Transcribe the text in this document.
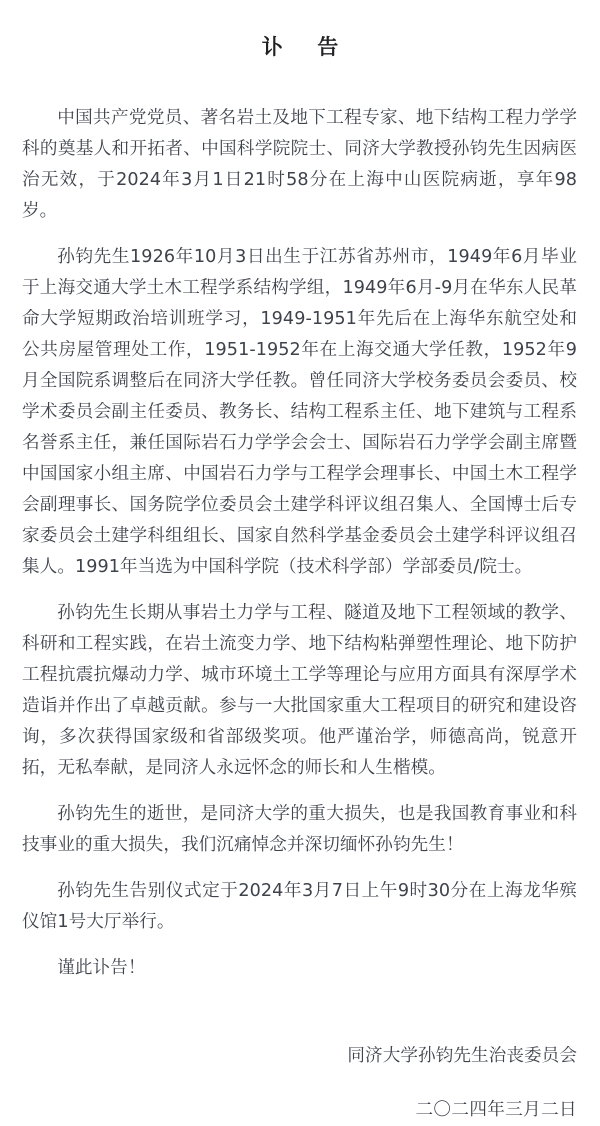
讣　告

中国共产党党员、著名岩土及地下工程专家、地下结构工程力学学科的奠基人和开拓者、中国科学院院士、同济大学教授孙钧先生因病医治无效，于2024年3月1日21时58分在上海中山医院病逝，享年98岁。

孙钧先生1926年10月3日出生于江苏省苏州市，1949年6月毕业于上海交通大学土木工程学系结构学组，1949年6月-9月在华东人民革命大学短期政治培训班学习，1949-1951年先后在上海华东航空处和公共房屋管理处工作，1951-1952年在上海交通大学任教，1952年9月全国院系调整后在同济大学任教。曾任同济大学校务委员会委员、校学术委员会副主任委员、教务长、结构工程系主任、地下建筑与工程系名誉系主任，兼任国际岩石力学学会会士、国际岩石力学学会副主席暨中国国家小组主席、中国岩石力学与工程学会理事长、中国土木工程学会副理事长、国务院学位委员会土建学科评议组召集人、全国博士后专家委员会土建学科组组长、国家自然科学基金委员会土建学科评议组召集人。1991年当选为中国科学院（技术科学部）学部委员/院士。

孙钧先生长期从事岩土力学与工程、隧道及地下工程领域的教学、科研和工程实践，在岩土流变力学、地下结构粘弹塑性理论、地下防护工程抗震抗爆动力学、城市环境土工学等理论与应用方面具有深厚学术造诣并作出了卓越贡献。参与一大批国家重大工程项目的研究和建设咨询，多次获得国家级和省部级奖项。他严谨治学，师德高尚，锐意开拓，无私奉献，是同济人永远怀念的师长和人生楷模。

孙钧先生的逝世，是同济大学的重大损失，也是我国教育事业和科技事业的重大损失，我们沉痛悼念并深切缅怀孙钧先生！

孙钧先生告别仪式定于2024年3月7日上午9时30分在上海龙华殡仪馆1号大厅举行。

谨此讣告！

同济大学孙钧先生治丧委员会

二〇二四年三月二日
